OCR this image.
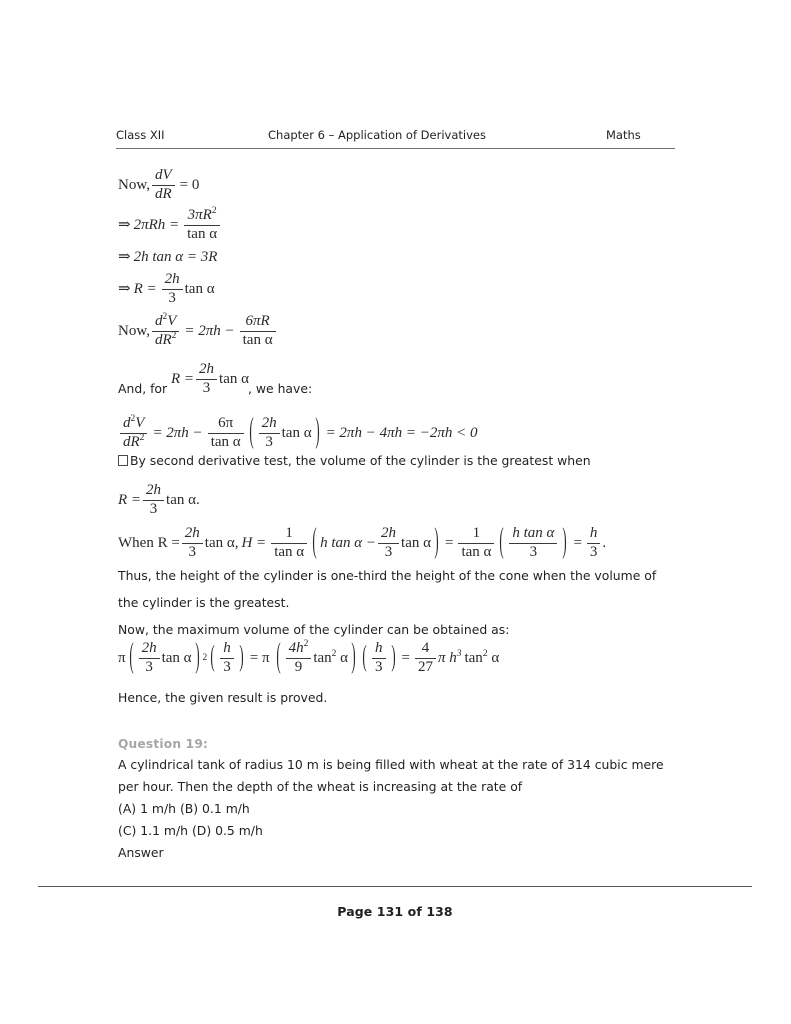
Class XII	Chapter 6 – Application of Derivatives	Maths
Now, $\frac{dV}{dR} = 0$
⇒ $2\pi Rh = \frac{3\pi R^2}{\text{tan α}}$
⇒ 2h tan α = 3R
⇒ $R = \frac{2h}{3}$ tan α
Now, $\frac{d^2V}{dR^2} = 2\pi h - \frac{6\pi R}{\text{tan α}}$
$R = \frac{2h}{3}$ tan α
And, for	, we have:
$\frac{d^2V}{dR^2} = 2\pi h - \frac{6\pi}{\text{tan α}}$ ( $\frac{2h}{3}$ tan α ) = 2πh − 4πh = −2πh < 0
By second derivative test, the volume of the cylinder is the greatest when
$R = \frac{2h}{3}$ tan α.
When $R = \frac{2h}{3}$ tan α, $H = \frac{1}{\text{tan α}}$ ( h $\tan \alpha - \frac{2h}{3}$ tan α ) = $\frac{1}{\text{tan α}}$ ( $\frac{\text{h tan α}}{3}$ ) = $\frac{h}{3}$ .
Thus, the height of the cylinder is one-third the height of the cone when the volume of
the cylinder is the greatest.
Now, the maximum volume of the cylinder can be obtained as:
π ( $\frac{2h}{3}$ tan α ) 2 ( $\frac{h}{3}$ ) = π ( $\frac{4h^2}{9} \tan^2 \alpha$ ) ( $\frac{h}{3}$ ) = $\frac{4}{27}$ π $h^3$ $\tan^2 \alpha$
Hence, the given result is proved.
Question 19:
A cylindrical tank of radius 10 m is being filled with wheat at the rate of 314 cubic mere
per hour. Then the depth of the wheat is increasing at the rate of
(A) 1 m/h (B) 0.1 m/h
(C) 1.1 m/h (D) 0.5 m/h
Answer
Page 131 of 138
